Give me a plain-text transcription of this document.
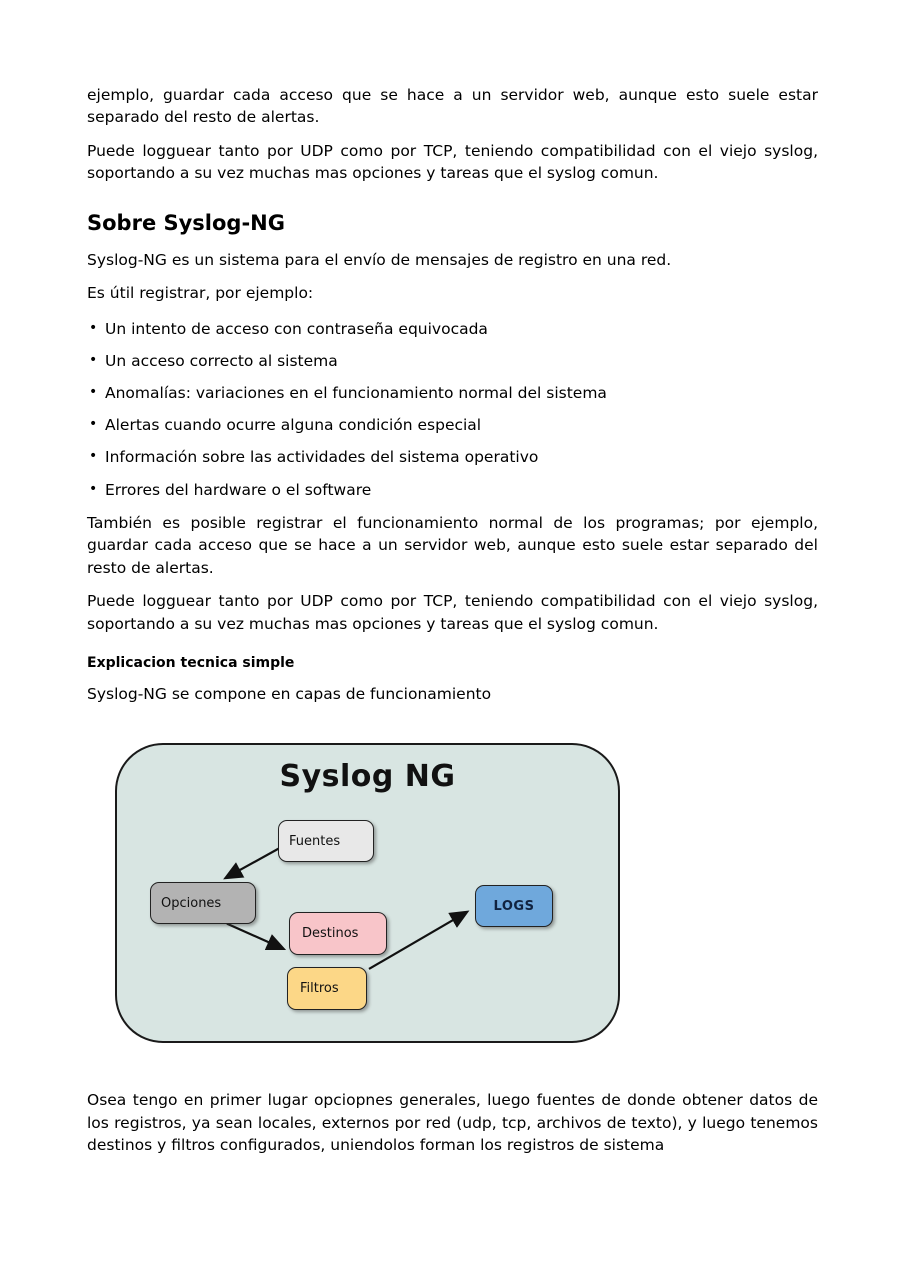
ejemplo, guardar cada acceso que se hace a un servidor web, aunque esto suele estar separado del resto de alertas.

Puede logguear tanto por UDP como por TCP, teniendo compatibilidad con el viejo syslog, soportando a su vez muchas mas opciones y tareas que el syslog comun.

Sobre Syslog-NG

Syslog-NG es un sistema para el envío de mensajes de registro en una red.

Es útil registrar, por ejemplo:

• Un intento de acceso con contraseña equivocada
• Un acceso correcto al sistema
• Anomalías: variaciones en el funcionamiento normal del sistema
• Alertas cuando ocurre alguna condición especial
• Información sobre las actividades del sistema operativo
• Errores del hardware o el software

También es posible registrar el funcionamiento normal de los programas; por ejemplo, guardar cada acceso que se hace a un servidor web, aunque esto suele estar separado del resto de alertas.

Puede logguear tanto por UDP como por TCP, teniendo compatibilidad con el viejo syslog, soportando a su vez muchas mas opciones y tareas que el syslog comun.

Explicacion tecnica simple

Syslog-NG se compone en capas de funcionamiento

Syslog NG
Fuentes
Opciones
Destinos
Filtros
LOGS

Osea tengo en primer lugar opciopnes generales, luego fuentes de donde obtener datos de los registros, ya sean locales, externos por red (udp, tcp, archivos de texto), y luego tenemos destinos y filtros configurados, uniendolos forman los registros de sistema
